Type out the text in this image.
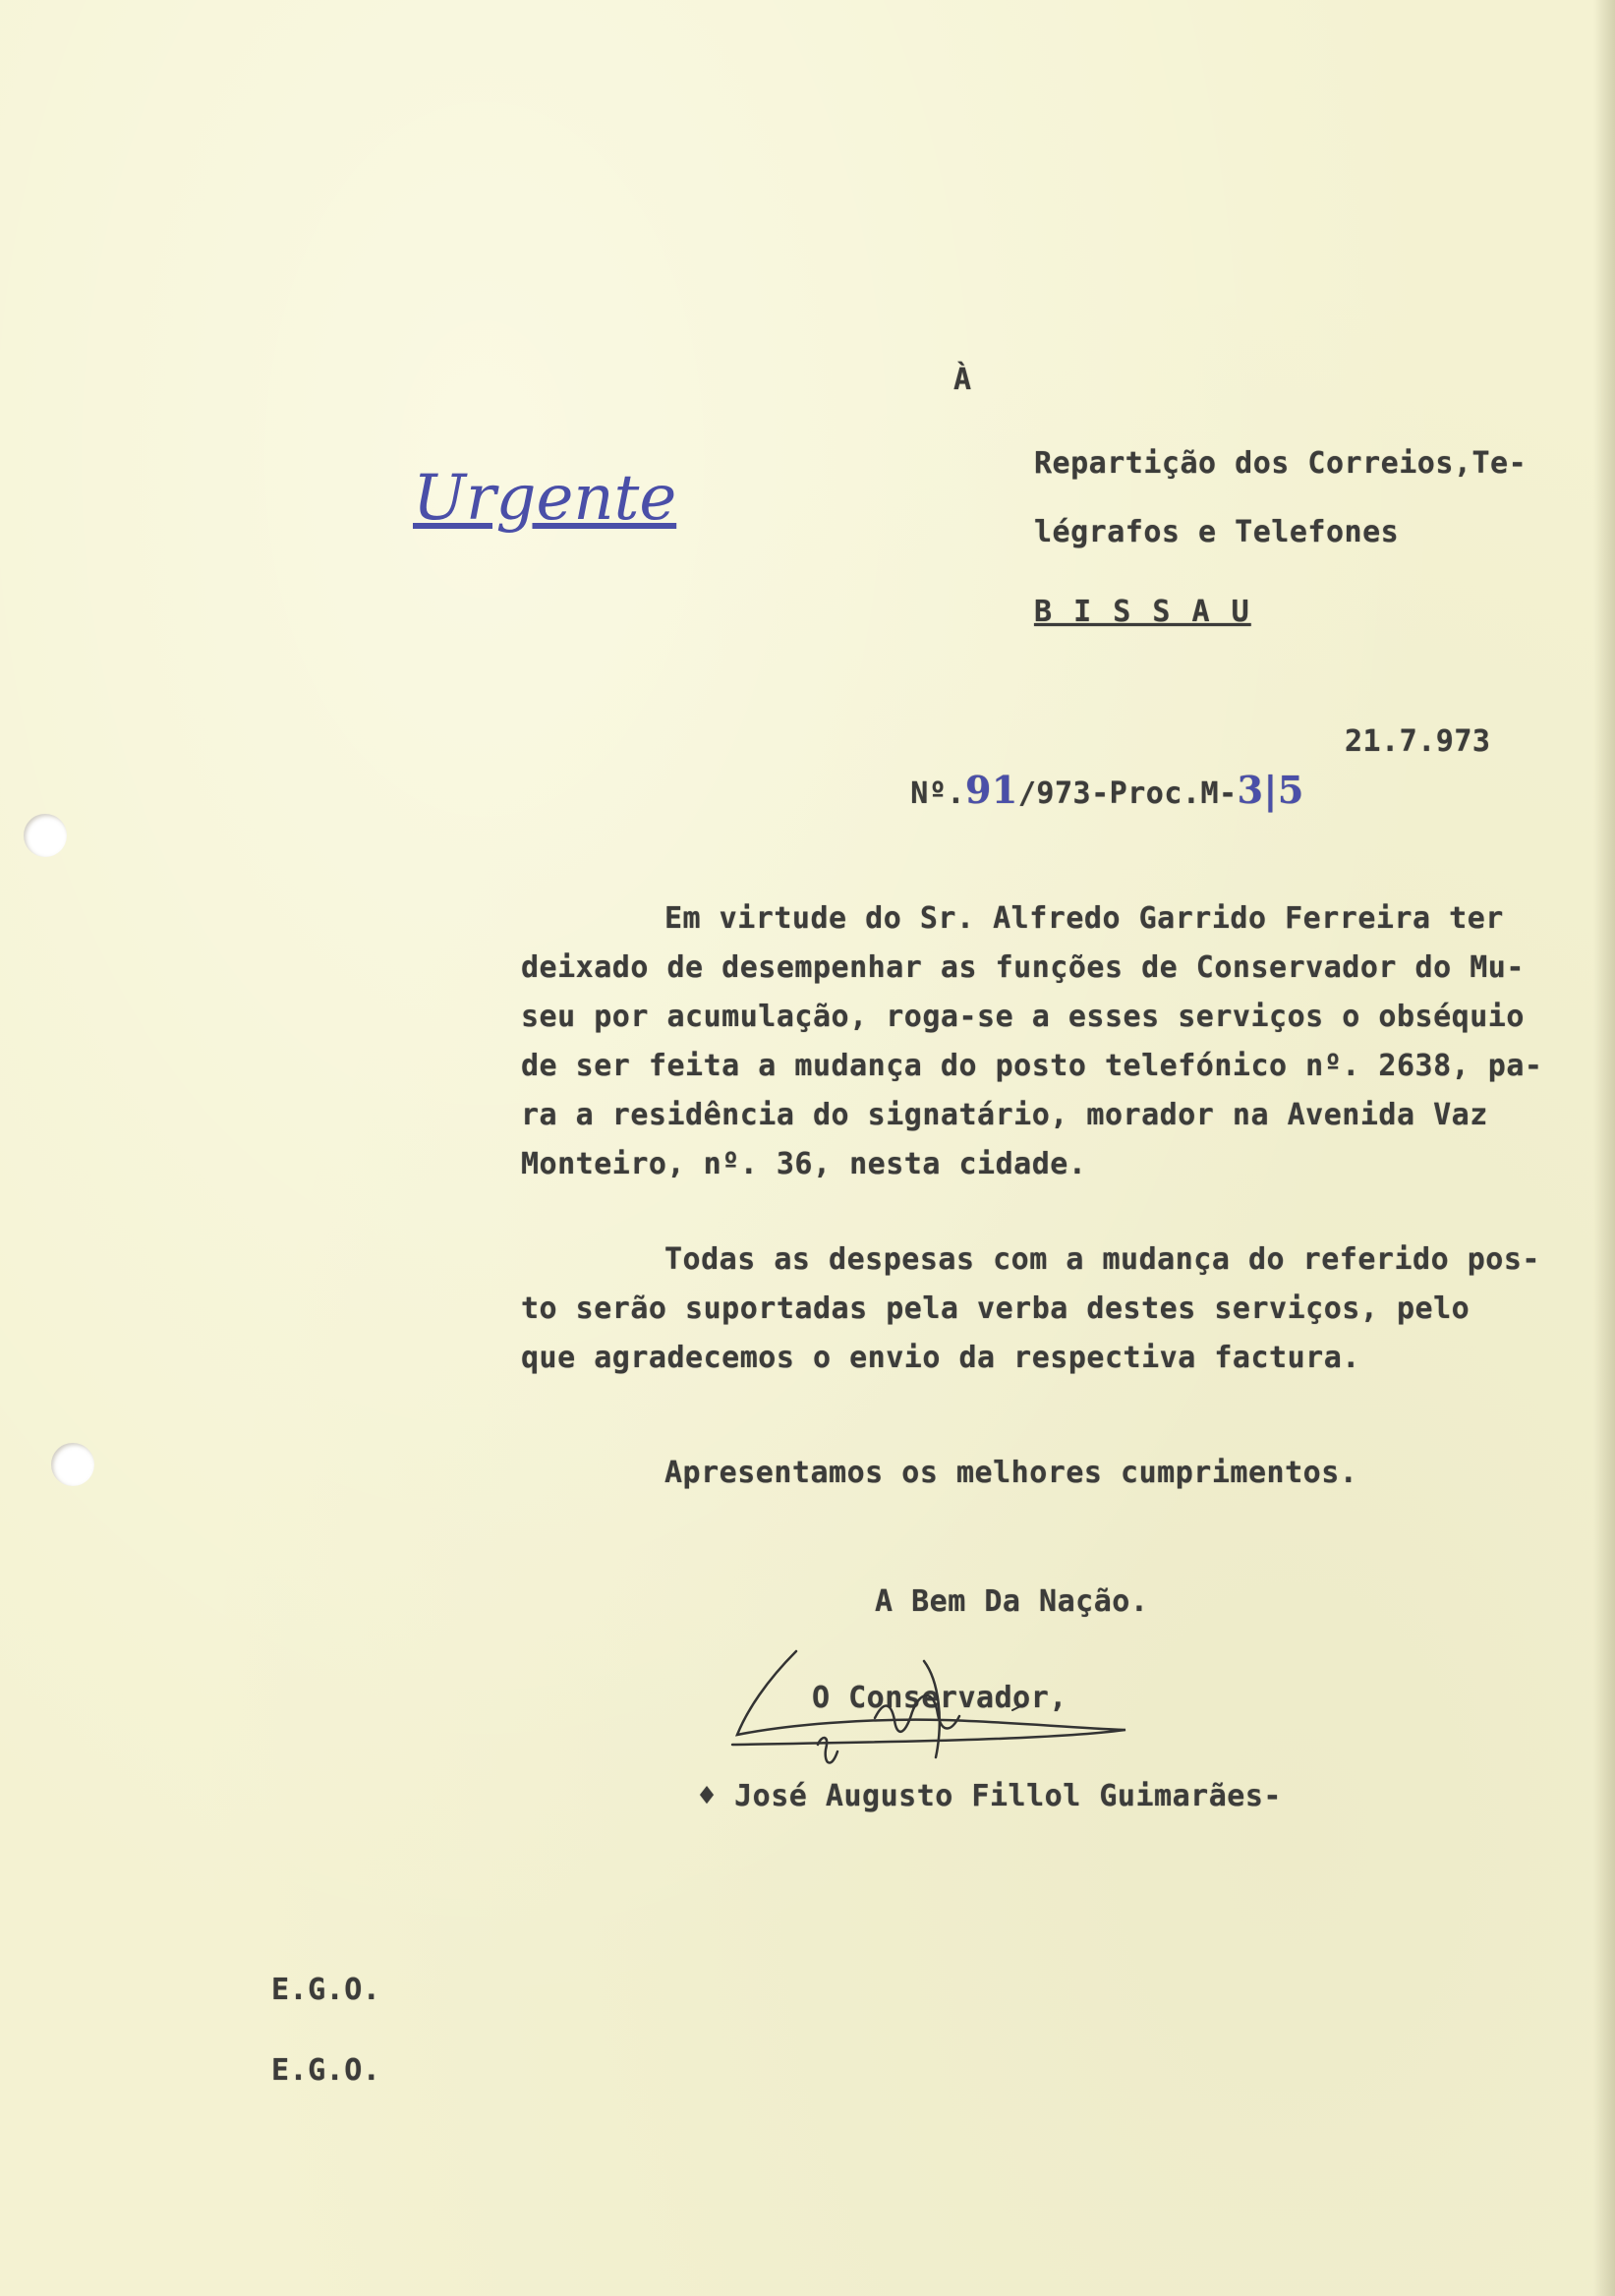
À
Repartição dos Correios,Te-
légrafos e Telefones
B I S S A U
Urgente

Nº.91/973-Proc.M-3|5

21.7.973
Em virtude do Sr. Alfredo Garrido Ferreira ter
deixado de desempenhar as funções de Conservador do Mu-
seu por acumulação, roga-se a esses serviços o obséquio
de ser feita a mudança do posto telefónico nº. 2638, pa-
ra a residência do signatário, morador na Avenida Vaz
Monteiro, nº. 36, nesta cidade.
Todas as despesas com a mudança do referido pos-
to serão suportadas pela verba destes serviços, pelo
que agradecemos o envio da respectiva factura.
Apresentamos os melhores cumprimentos.
A Bem Da Nação.
O Conservador,
♦ José Augusto Fillol Guimarães-
E.G.O.
E.G.O.
